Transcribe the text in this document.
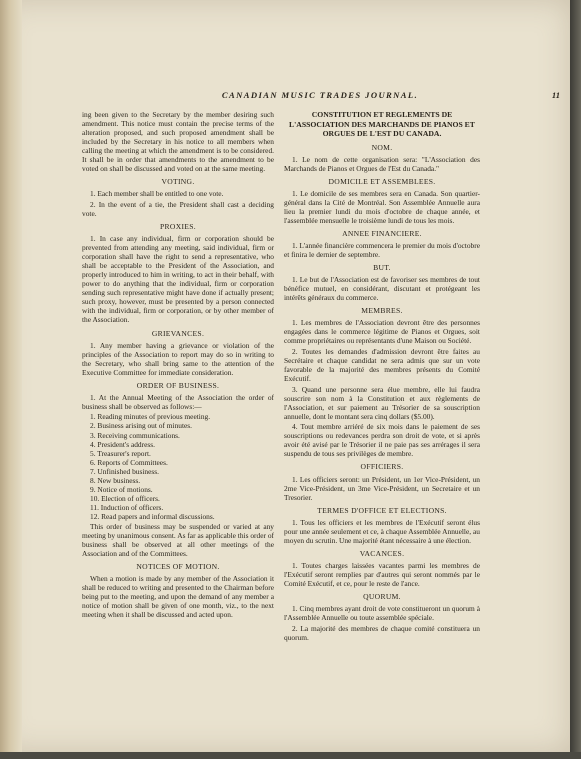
CANADIAN MUSIC TRADES JOURNAL.	11

ing been given to the Secretary by the member desiring such amendment. This notice must contain the precise terms of the alteration proposed, and such proposed amendment shall be included by the Secretary in his notice to all members when calling the meeting at which the amendment is to be considered. It shall be in order that amendments to the amendment to be voted on shall be discussed and voted on at the same meeting.

VOTING.

1. Each member shall be entitled to one vote.

2. In the event of a tie, the President shall cast a deciding vote.

PROXIES.

1. In case any individual, firm or corporation should be prevented from attending any meeting, said individual, firm or corporation shall have the right to send a representative, who shall be acceptable to the President of the Association, and properly introduced to him in writing, to act in their behalf, with power to do anything that the individual, firm or corporation sending such representative might have done if actually present; such proxy, however, must be presented by a person connected with the individual, firm or corporation, or by other member of the Association.

GRIEVANCES.

1. Any member having a grievance or violation of the principles of the Association to report may do so in writing to the Secretary, who shall bring same to the attention of the Executive Committee for immediate consideration.

ORDER OF BUSINESS.

1. At the Annual Meeting of the Association the order of business shall be observed as follows:—

1. Reading minutes of previous meeting.
2. Business arising out of minutes.
3. Receiving communications.
4. President's address.
5. Treasurer's report.
6. Reports of Committees.
7. Unfinished business.
8. New business.
9. Notice of motions.
10. Election of officers.
11. Induction of officers.
12. Read papers and informal discussions.

This order of business may be suspended or varied at any meeting by unanimous consent. As far as applicable this order of business shall be observed at all other meetings of the Association and of the Committees.

NOTICES OF MOTION.

When a motion is made by any member of the Association it shall be reduced to writing and presented to the Chairman before being put to the meeting, and upon the demand of any member a notice of motion shall be given of one month, viz., to the next meeting when it shall be discussed and acted upon.

CONSTITUTION ET REGLEMENTS DE L'ASSOCIATION DES MARCHANDS DE PIANOS ET ORGUES DE L'EST DU CANADA.
NOM.

1. Le nom de cette organisation sera: "L'Association des Marchands de Pianos et Orgues de l'Est du Canada."

DOMICILE ET ASSEMBLEES.

1. Le domicile de ses membres sera en Canada. Son quartier-général dans la Cité de Montréal. Son Assemblée Annuelle aura lieu la premier lundi du mois d'octobre de chaque année, et l'assemblée mensuelle le troisième lundi de tous les mois.

ANNEE FINANCIERE.

1. L'année financière commencera le premier du mois d'octobre et finira le dernier de septembre.

BUT.

1. Le but de l'Association est de favoriser ses membres de tout bénéfice mutuel, en considérant, discutant et protégeant les intérêts généraux du commerce.

MEMBRES.

1. Les membres de l'Association devront être des personnes engagées dans le commerce légitime de Pianos et Orgues, soit comme propriétaires ou représentants d'une Maison ou Société.

2. Toutes les demandes d'admission devront être faites au Secrétaire et chaque candidat ne sera admis que sur un vote favorable de la majorité des membres présents du Comité Exécutif.

3. Quand une personne sera élue membre, elle lui faudra souscrire son nom à la Constitution et aux règlements de l'Association, et sur paiement au Trésorier de sa souscription annuelle, dont le montant sera cinq dollars ($5.00).

4. Tout membre arriéré de six mois dans le paiement de ses souscriptions ou redevances perdra son droit de vote, et si après avoir été avisé par le Trésorier il ne paie pas ses arrérages il sera suspendu de tous ses privilèges de membre.

OFFICIERS.

1. Les officiers seront: un Président, un 1er Vice-Président, un 2me Vice-Président, un 3me Vice-Président, un Secretaire et un Tresorier.

TERMES D'OFFICE ET ELECTIONS.

1. Tous les officiers et les membres de l'Exécutif seront élus pour une année seulement et ce, à chaque Assemblée Annuelle, au moyen du scrutin. Une majorité étant nécessaire à une élection.

VACANCES.

1. Toutes charges laissées vacantes parmi les membres de l'Exécutif seront remplies par d'autres qui seront nommés par le Comité Exécutif, et ce, pour le reste de l'ance.

QUORUM.

1. Cinq membres ayant droit de vote constitueront un quorum à l'Assemblée Annuelle ou toute assemblée spéciale.

2. La majorité des membres de chaque comité constituera un quorum.
